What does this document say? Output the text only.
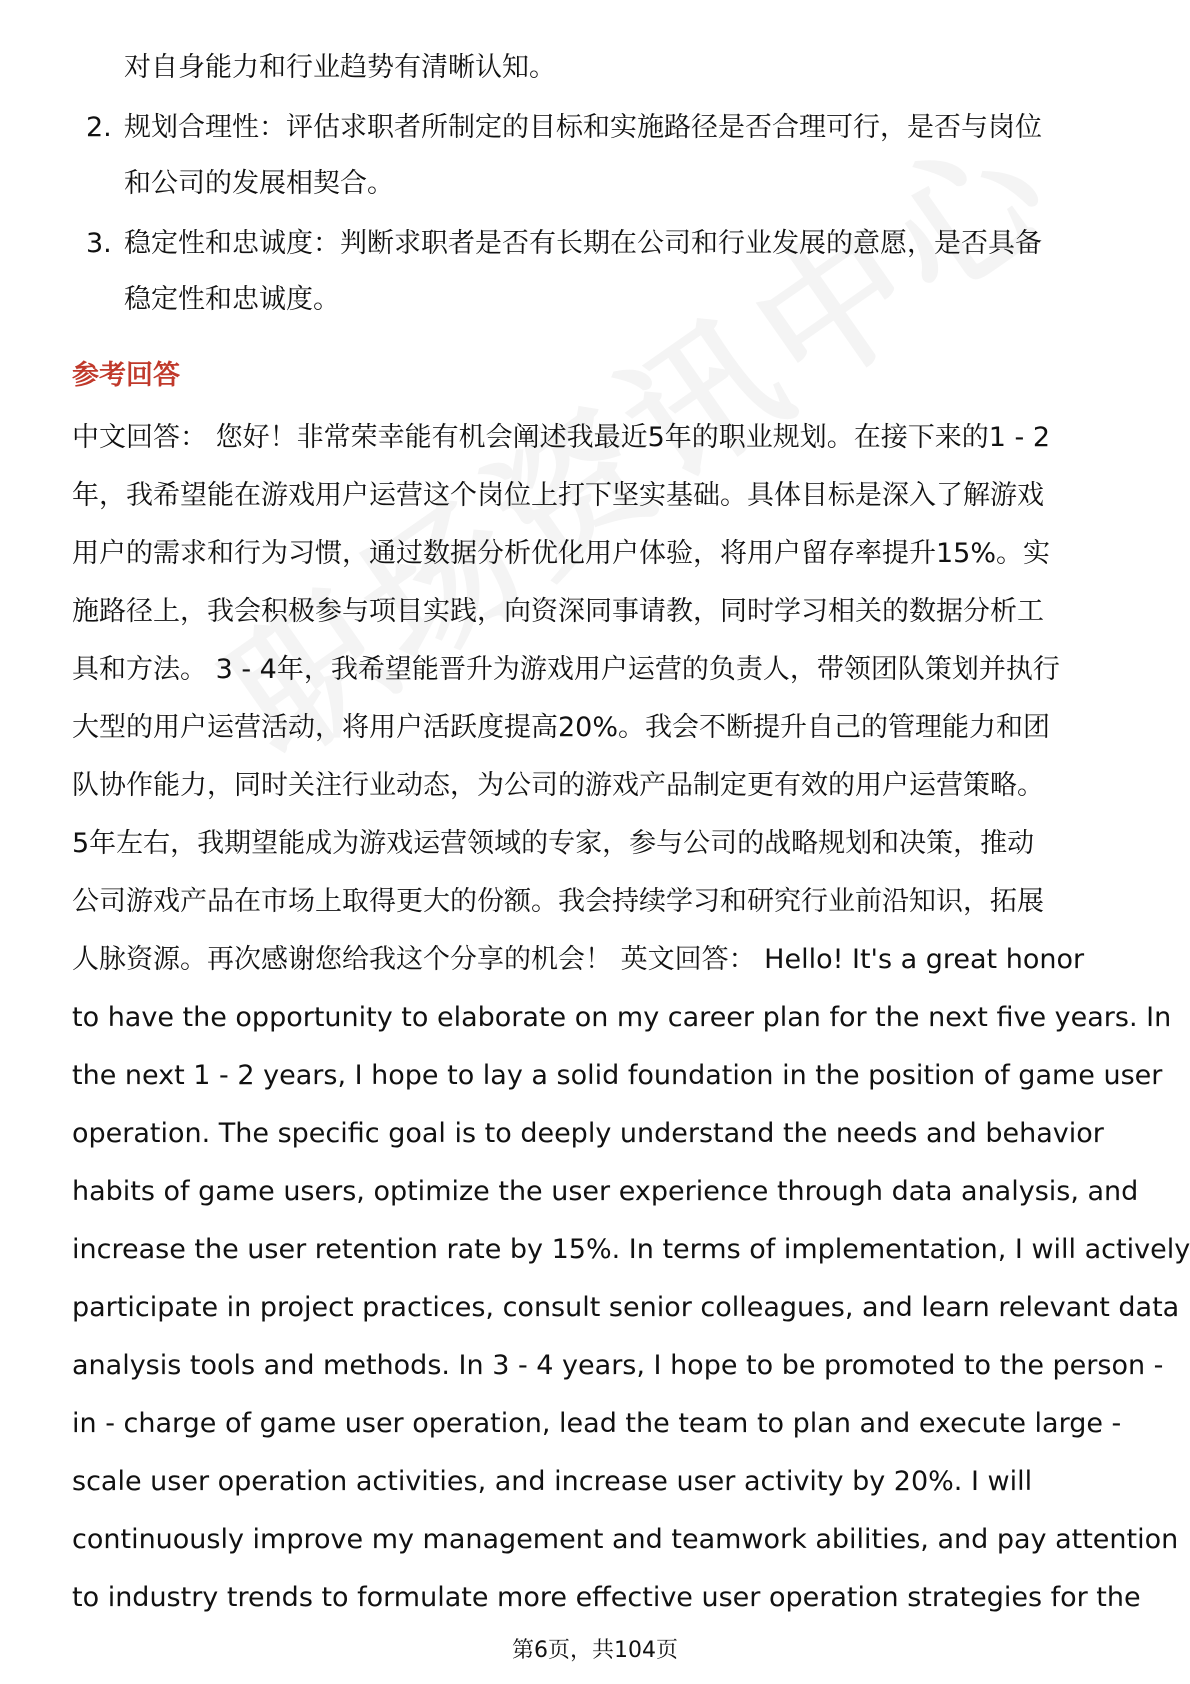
对自身能力和行业趋势有清晰认知。
2. 规划合理性：评估求职者所制定的目标和实施路径是否合理可行，是否与岗位
和公司的发展相契合。
3. 稳定性和忠诚度：判断求职者是否有长期在公司和行业发展的意愿，是否具备
稳定性和忠诚度。
参考回答
中文回答： 您好！非常荣幸能有机会阐述我最近5年的职业规划。在接下来的1 - 2
年，我希望能在游戏用户运营这个岗位上打下坚实基础。具体目标是深入了解游戏
用户的需求和行为习惯，通过数据分析优化用户体验，将用户留存率提升15%。实
施路径上，我会积极参与项目实践，向资深同事请教，同时学习相关的数据分析工
具和方法。 3 - 4年，我希望能晋升为游戏用户运营的负责人，带领团队策划并执行
大型的用户运营活动，将用户活跃度提高20%。我会不断提升自己的管理能力和团
队协作能力，同时关注行业动态，为公司的游戏产品制定更有效的用户运营策略。
5年左右，我期望能成为游戏运营领域的专家，参与公司的战略规划和决策，推动
公司游戏产品在市场上取得更大的份额。我会持续学习和研究行业前沿知识，拓展
人脉资源。再次感谢您给我这个分享的机会！ 英文回答： Hello! It's a great honor
to have the opportunity to elaborate on my career plan for the next five years. In
the next 1 - 2 years, I hope to lay a solid foundation in the position of game user
operation. The specific goal is to deeply understand the needs and behavior
habits of game users, optimize the user experience through data analysis, and
increase the user retention rate by 15%. In terms of implementation, I will actively
participate in project practices, consult senior colleagues, and learn relevant data
analysis tools and methods. In 3 - 4 years, I hope to be promoted to the person -
in - charge of game user operation, lead the team to plan and execute large -
scale user operation activities, and increase user activity by 20%. I will
continuously improve my management and teamwork abilities, and pay attention
to industry trends to formulate more effective user operation strategies for the
第6页，共104页
